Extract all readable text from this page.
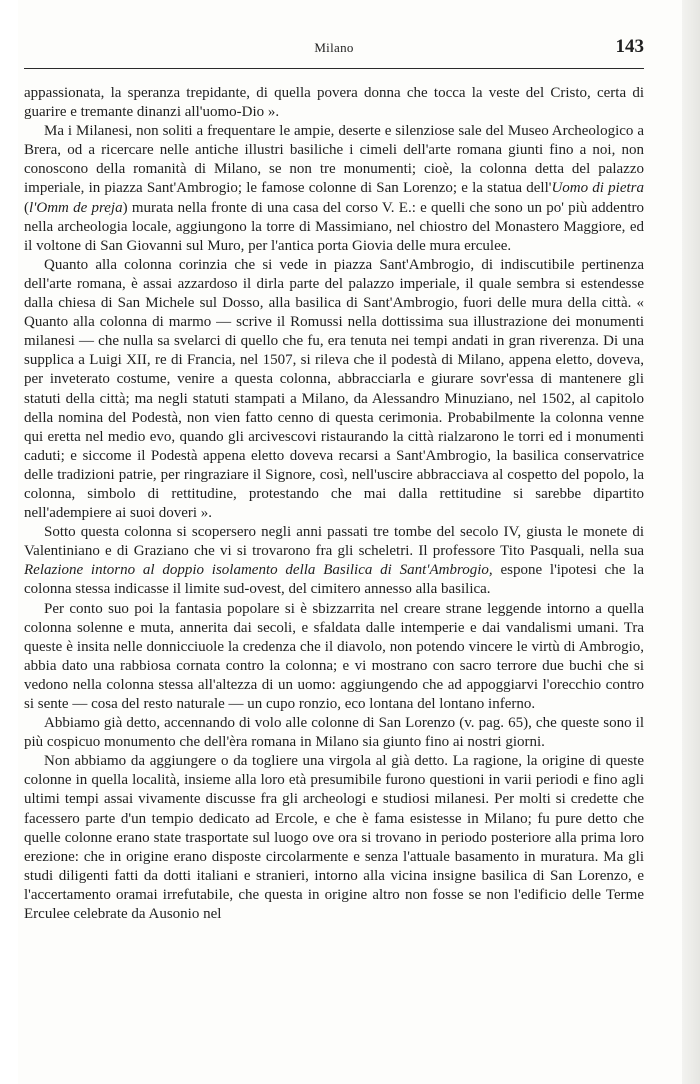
Milano	143

appassionata, la speranza trepidante, di quella povera donna che tocca la veste del Cristo, certa di guarire e tremante dinanzi all'uomo-Dio ».

Ma i Milanesi, non soliti a frequentare le ampie, deserte e silenziose sale del Museo Archeologico a Brera, od a ricercare nelle antiche illustri basiliche i cimeli dell'arte romana giunti fino a noi, non conoscono della romanità di Milano, se non tre monumenti; cioè, la colonna detta del palazzo imperiale, in piazza Sant'Ambrogio; le famose colonne di San Lorenzo; e la statua dell'Uomo di pietra (l'Omm de preja) murata nella fronte di una casa del corso V. E.: e quelli che sono un po' più addentro nella archeologia locale, aggiungono la torre di Massimiano, nel chiostro del Monastero Maggiore, ed il voltone di San Giovanni sul Muro, per l'antica porta Giovia delle mura erculee.

Quanto alla colonna corinzia che si vede in piazza Sant'Ambrogio, di indiscutibile pertinenza dell'arte romana, è assai azzardoso il dirla parte del palazzo imperiale, il quale sembra si estendesse dalla chiesa di San Michele sul Dosso, alla basilica di Sant'Ambrogio, fuori delle mura della città. « Quanto alla colonna di marmo — scrive il Romussi nella dottissima sua illustrazione dei monumenti milanesi — che nulla sa svelarci di quello che fu, era tenuta nei tempi andati in gran riverenza. Di una supplica a Luigi XII, re di Francia, nel 1507, si rileva che il podestà di Milano, appena eletto, doveva, per inveterato costume, venire a questa colonna, abbracciarla e giurare sovr'essa di mantenere gli statuti della città; ma negli statuti stampati a Milano, da Alessandro Minuziano, nel 1502, al capitolo della nomina del Podestà, non vien fatto cenno di questa cerimonia. Probabilmente la colonna venne qui eretta nel medio evo, quando gli arcivescovi ristaurando la città rialzarono le torri ed i monumenti caduti; e siccome il Podestà appena eletto doveva recarsi a Sant'Ambrogio, la basilica conservatrice delle tradizioni patrie, per ringraziare il Signore, così, nell'uscire abbracciava al cospetto del popolo, la colonna, simbolo di rettitudine, protestando che mai dalla rettitudine si sarebbe dipartito nell'adempiere ai suoi doveri ».

Sotto questa colonna si scopersero negli anni passati tre tombe del secolo IV, giusta le monete di Valentiniano e di Graziano che vi si trovarono fra gli scheletri. Il professore Tito Pasquali, nella sua Relazione intorno al doppio isolamento della Basilica di Sant'Ambrogio, espone l'ipotesi che la colonna stessa indicasse il limite sud-ovest, del cimitero annesso alla basilica.

Per conto suo poi la fantasia popolare si è sbizzarrita nel creare strane leggende intorno a quella colonna solenne e muta, annerita dai secoli, e sfaldata dalle intemperie e dai vandalismi umani. Tra queste è insita nelle donnicciuole la credenza che il diavolo, non potendo vincere le virtù di Ambrogio, abbia dato una rabbiosa cornata contro la colonna; e vi mostrano con sacro terrore due buchi che si vedono nella colonna stessa all'altezza di un uomo: aggiungendo che ad appoggiarvi l'orecchio contro si sente — cosa del resto naturale — un cupo ronzio, eco lontana del lontano inferno.

Abbiamo già detto, accennando di volo alle colonne di San Lorenzo (v. pag. 65), che queste sono il più cospicuo monumento che dell'èra romana in Milano sia giunto fino ai nostri giorni.

Non abbiamo da aggiungere o da togliere una virgola al già detto. La ragione, la origine di queste colonne in quella località, insieme alla loro età presumibile furono questioni in varii periodi e fino agli ultimi tempi assai vivamente discusse fra gli archeologi e studiosi milanesi. Per molti si credette che facessero parte d'un tempio dedicato ad Ercole, e che è fama esistesse in Milano; fu pure detto che quelle colonne erano state trasportate sul luogo ove ora si trovano in periodo posteriore alla prima loro erezione: che in origine erano disposte circolarmente e senza l'attuale basamento in muratura. Ma gli studi diligenti fatti da dotti italiani e stranieri, intorno alla vicina insigne basilica di San Lorenzo, e l'accertamento oramai irrefutabile, che questa in origine altro non fosse se non l'edificio delle Terme Erculee celebrate da Ausonio nel
